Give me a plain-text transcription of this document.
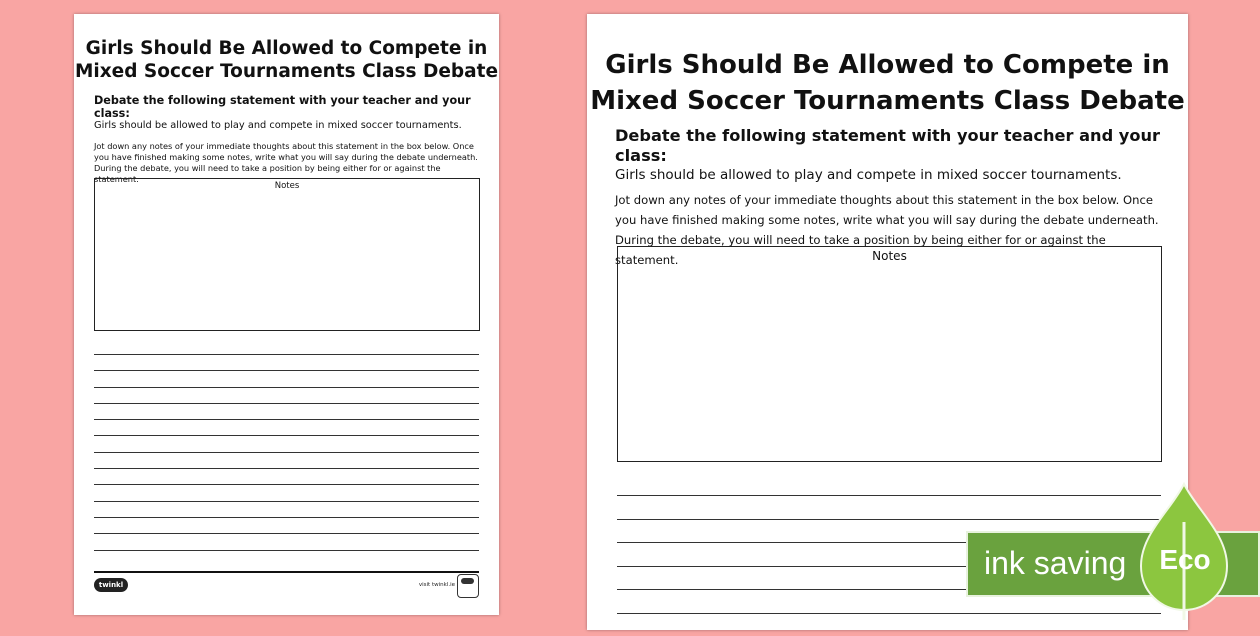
Girls Should Be Allowed to Compete in
Mixed Soccer Tournaments Class Debate
Debate the following statement with your teacher and your class:
Girls should be allowed to play and compete in mixed soccer tournaments.
Jot down any notes of your immediate thoughts about this statement in the box below. Once
you have finished making some notes, write what you will say during the debate underneath.
During the debate, you will need to take a position by being either for or against the statement.
Notes
twinkl	visit twinkl.ie
Girls Should Be Allowed to Compete in
Mixed Soccer Tournaments Class Debate
Debate the following statement with your teacher and your class:
Girls should be allowed to play and compete in mixed soccer tournaments.
Jot down any notes of your immediate thoughts about this statement in the box below. Once
you have finished making some notes, write what you will say during the debate underneath.
During the debate, you will need to take a position by being either for or against the statement.	Notes
ink saving	Eco
